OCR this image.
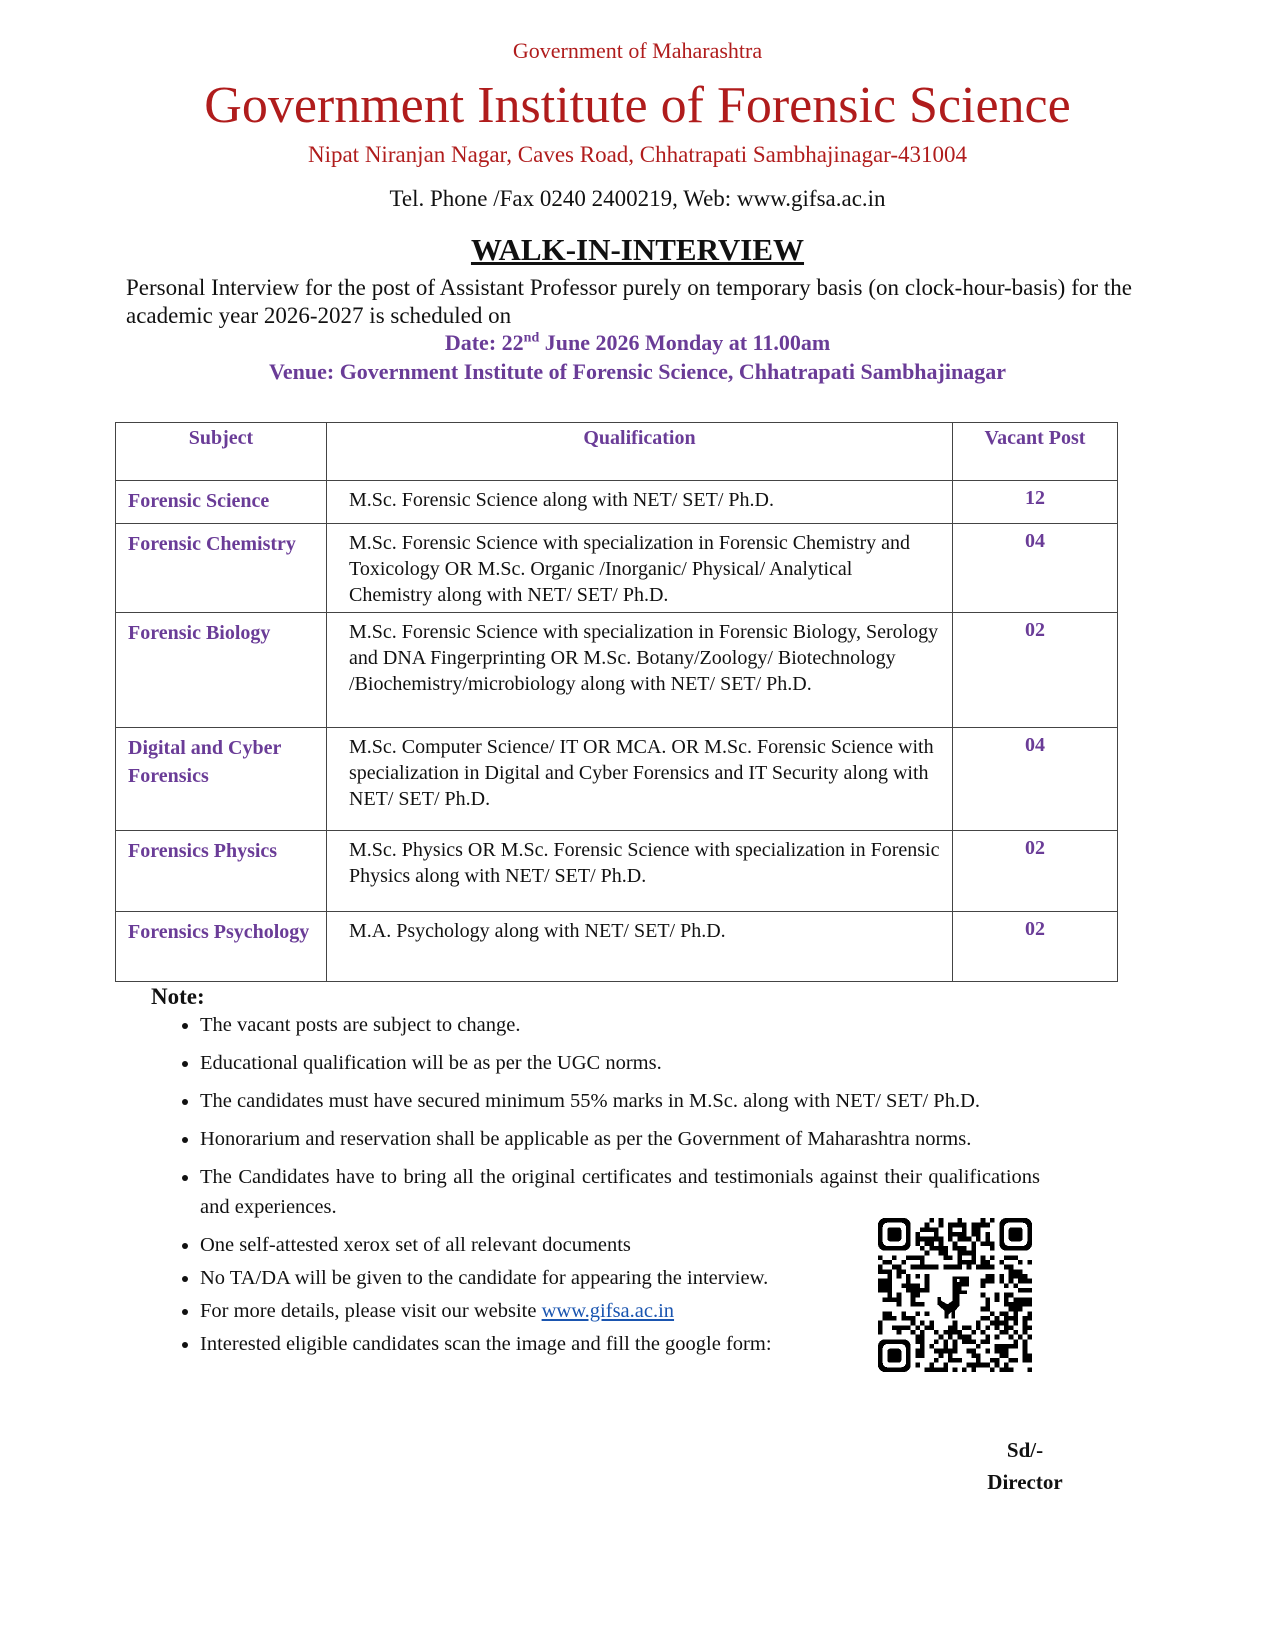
Government of Maharashtra
Government Institute of Forensic Science
Nipat Niranjan Nagar, Caves Road, Chhatrapati Sambhajinagar-431004
Tel. Phone /Fax 0240 2400219, Web: www.gifsa.ac.in
WALK-IN-INTERVIEW
Personal Interview for the post of Assistant Professor purely on temporary basis (on clock-hour-basis) for the academic year 2026-2027 is scheduled on
Date: 22nd June 2026 Monday at 11.00am
Venue: Government Institute of Forensic Science, Chhatrapati Sambhajinagar
Subject	Qualification	Vacant Post
Forensic Science	M.Sc. Forensic Science along with NET/ SET/ Ph.D.	12
Forensic Chemistry	M.Sc. Forensic Science with specialization in Forensic Chemistry and Toxicology OR M.Sc. Organic /Inorganic/ Physical/ Analytical Chemistry along with NET/ SET/ Ph.D.	04
Forensic Biology	M.Sc. Forensic Science with specialization in Forensic Biology, Serology and DNA Fingerprinting OR M.Sc. Botany/Zoology/ Biotechnology /Biochemistry/microbiology along with NET/ SET/ Ph.D.	02
Digital and Cyber Forensics	M.Sc. Computer Science/ IT OR MCA. OR M.Sc. Forensic Science with specialization in Digital and Cyber Forensics and IT Security along with NET/ SET/ Ph.D.	04
Forensics Physics	M.Sc. Physics OR M.Sc. Forensic Science with specialization in Forensic Physics along with NET/ SET/ Ph.D.	02
Forensics Psychology	M.A. Psychology along with NET/ SET/ Ph.D.	02
Note:
• The vacant posts are subject to change.
• Educational qualification will be as per the UGC norms.
• The candidates must have secured minimum 55% marks in M.Sc. along with NET/ SET/ Ph.D.
• Honorarium and reservation shall be applicable as per the Government of Maharashtra norms.
• The Candidates have to bring all the original certificates and testimonials against their qualifications and experiences.
• One self-attested xerox set of all relevant documents
• No TA/DA will be given to the candidate for appearing the interview.
• For more details, please visit our website www.gifsa.ac.in
• Interested eligible candidates scan the image and fill the google form:
Sd/-
Director
